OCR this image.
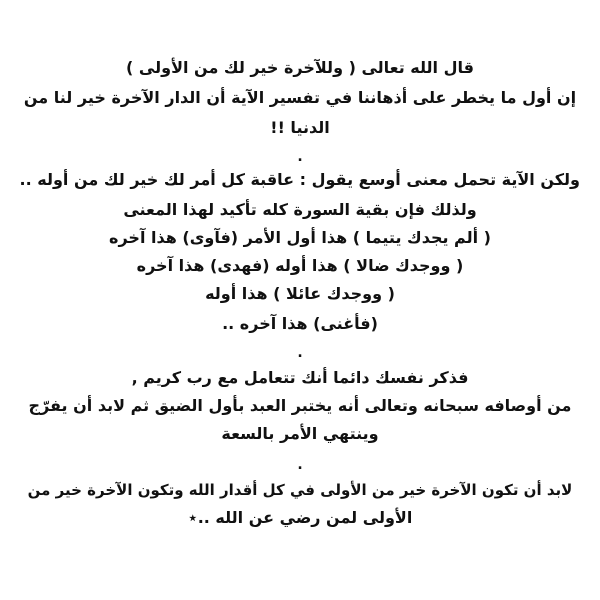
قال الله تعالى ( وللآخرة خير لك من الأولى )
إن أول ما يخطر على أذهاننا في تفسير الآية أن الدار الآخرة خير لنا من
الدنيا !!
.
ولكن الآية تحمل معنى أوسع يقول : عاقبة كل أمر لك خير لك من أوله ..
ولذلك فإن بقية السورة كله تأكيد لهذا المعنى
( ألم يجدك يتيما ) هذا أول الأمر (فآوى) هذا آخره
( ووجدك ضالا ) هذا أوله (فهدى) هذا آخره
( ووجدك عائلا ) هذا أوله
(فأغنى) هذا آخره ..
.
فذكر نفسك دائما أنك تتعامل مع رب كريم ,
من أوصافه سبحانه وتعالى أنه يختبر العبد بأول الضيق ثم لابد أن يفرّج
وينتهي الأمر بالسعة
.
لابد أن تكون الآخرة خير من الأولى في كل أقدار الله وتكون الآخرة خير من
الأولى لمن رضي عن الله ..⋆
